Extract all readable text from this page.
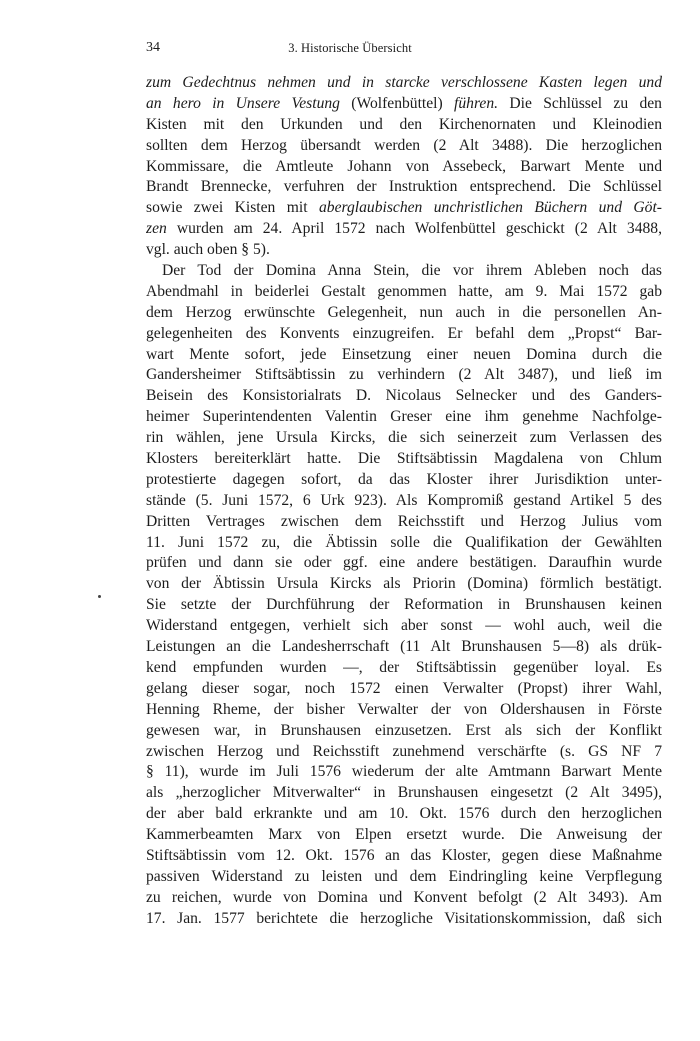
34	3. Historische Übersicht
zum Gedechtnus nehmen und in starcke verschlossene Kasten legen und
an hero in Unsere Vestung (Wolfenbüttel) führen. Die Schlüssel zu den
Kisten mit den Urkunden und den Kirchenornaten und Kleinodien
sollten dem Herzog übersandt werden (2 Alt 3488). Die herzoglichen
Kommissare, die Amtleute Johann von Assebeck, Barwart Mente und
Brandt Brennecke, verfuhren der Instruktion entsprechend. Die Schlüssel
sowie zwei Kisten mit aberglaubischen unchristlichen Büchern und Göt-
zen wurden am 24. April 1572 nach Wolfenbüttel geschickt (2 Alt 3488,
vgl. auch oben § 5).
Der Tod der Domina Anna Stein, die vor ihrem Ableben noch das
Abendmahl in beiderlei Gestalt genommen hatte, am 9. Mai 1572 gab
dem Herzog erwünschte Gelegenheit, nun auch in die personellen An-
gelegenheiten des Konvents einzugreifen. Er befahl dem „Propst“ Bar-
wart Mente sofort, jede Einsetzung einer neuen Domina durch die
Gandersheimer Stiftsäbtissin zu verhindern (2 Alt 3487), und ließ im
Beisein des Konsistorialrats D. Nicolaus Selnecker und des Ganders-
heimer Superintendenten Valentin Greser eine ihm genehme Nachfolge-
rin wählen, jene Ursula Kircks, die sich seinerzeit zum Verlassen des
Klosters bereiterklärt hatte. Die Stiftsäbtissin Magdalena von Chlum
protestierte dagegen sofort, da das Kloster ihrer Jurisdiktion unter-
stände (5. Juni 1572, 6 Urk 923). Als Kompromiß gestand Artikel 5 des
Dritten Vertrages zwischen dem Reichsstift und Herzog Julius vom
11. Juni 1572 zu, die Äbtissin solle die Qualifikation der Gewählten
prüfen und dann sie oder ggf. eine andere bestätigen. Daraufhin wurde
von der Äbtissin Ursula Kircks als Priorin (Domina) förmlich bestätigt.
Sie setzte der Durchführung der Reformation in Brunshausen keinen
Widerstand entgegen, verhielt sich aber sonst — wohl auch, weil die
Leistungen an die Landesherrschaft (11 Alt Brunshausen 5—8) als drük-
kend empfunden wurden —, der Stiftsäbtissin gegenüber loyal. Es
gelang dieser sogar, noch 1572 einen Verwalter (Propst) ihrer Wahl,
Henning Rheme, der bisher Verwalter der von Oldershausen in Förste
gewesen war, in Brunshausen einzusetzen. Erst als sich der Konflikt
zwischen Herzog und Reichsstift zunehmend verschärfte (s. GS NF 7
§ 11), wurde im Juli 1576 wiederum der alte Amtmann Barwart Mente
als „herzoglicher Mitverwalter“ in Brunshausen eingesetzt (2 Alt 3495),
der aber bald erkrankte und am 10. Okt. 1576 durch den herzoglichen
Kammerbeamten Marx von Elpen ersetzt wurde. Die Anweisung der
Stiftsäbtissin vom 12. Okt. 1576 an das Kloster, gegen diese Maßnahme
passiven Widerstand zu leisten und dem Eindringling keine Verpflegung
zu reichen, wurde von Domina und Konvent befolgt (2 Alt 3493). Am
17. Jan. 1577 berichtete die herzogliche Visitationskommission, daß sich
